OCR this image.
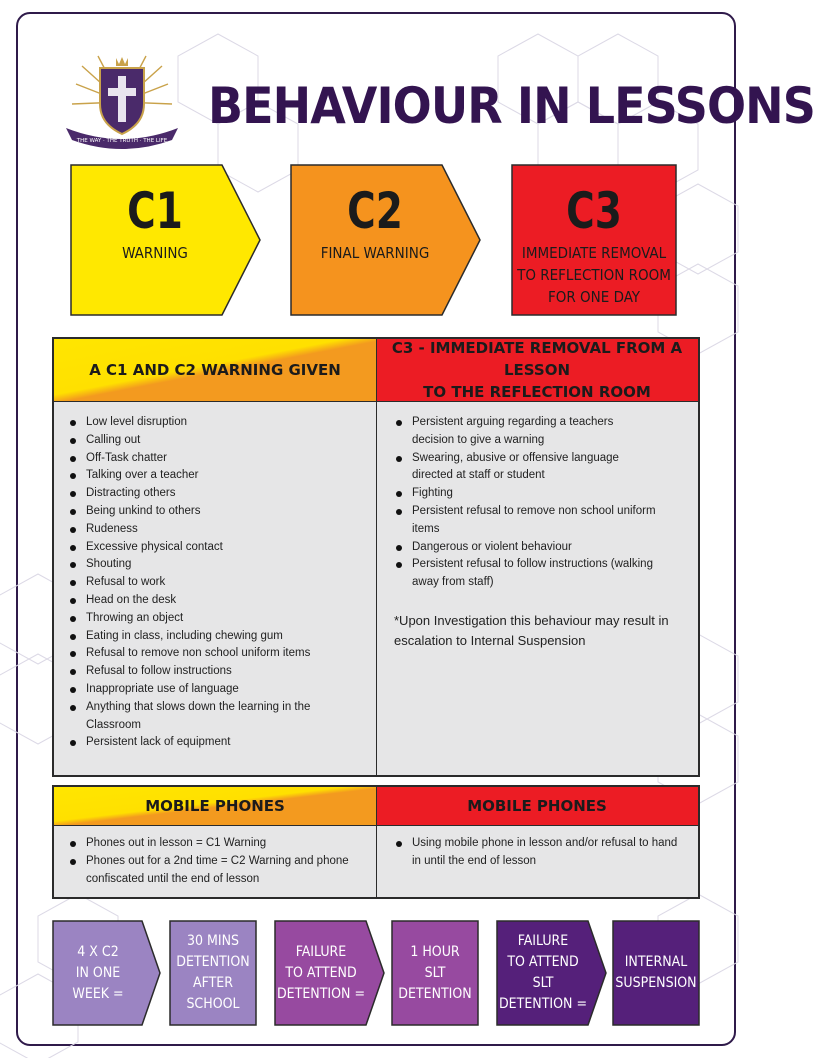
THE WAY · THE TRUTH · THE LIFE
BEHAVIOUR IN LESSONS
C1
WARNING
C2
FINAL WARNING
C3
IMMEDIATE REMOVAL
TO REFLECTION ROOM
FOR ONE DAY
A C1 AND C2 WARNING GIVEN
C3 - IMMEDIATE REMOVAL FROM A LESSON
TO THE REFLECTION ROOM
Low level disruption
Calling out
Off-Task chatter
Talking over a teacher
Distracting others
Being unkind to others
Rudeness
Excessive physical contact
Shouting
Refusal to work
Head on the desk
Throwing an object
Eating in class, including chewing gum
Refusal to remove non school uniform items
Refusal to follow instructions
Inappropriate use of language
Anything that slows down the learning in the Classroom
Persistent lack of equipment
Persistent arguing regarding a teachers decision to give a warning
Swearing, abusive or offensive language directed at staff or student
Fighting
Persistent refusal to remove non school uniform items
Dangerous or violent behaviour
Persistent refusal to follow instructions (walking away from staff)
*Upon Investigation this behaviour may result in escalation to Internal Suspension
MOBILE PHONES	MOBILE PHONES
Phones out in lesson = C1 Warning
Phones out for a 2nd time = C2 Warning and phone confiscated until the end of lesson
Using mobile phone in lesson and/or refusal to hand in until the end of lesson
4 X C2
IN ONE
WEEK =
30 MINS
DETENTION
AFTER
SCHOOL
FAILURE
TO ATTEND
DETENTION =
1 HOUR
SLT
DETENTION
FAILURE
TO ATTEND
SLT
DETENTION =
INTERNAL
SUSPENSION
